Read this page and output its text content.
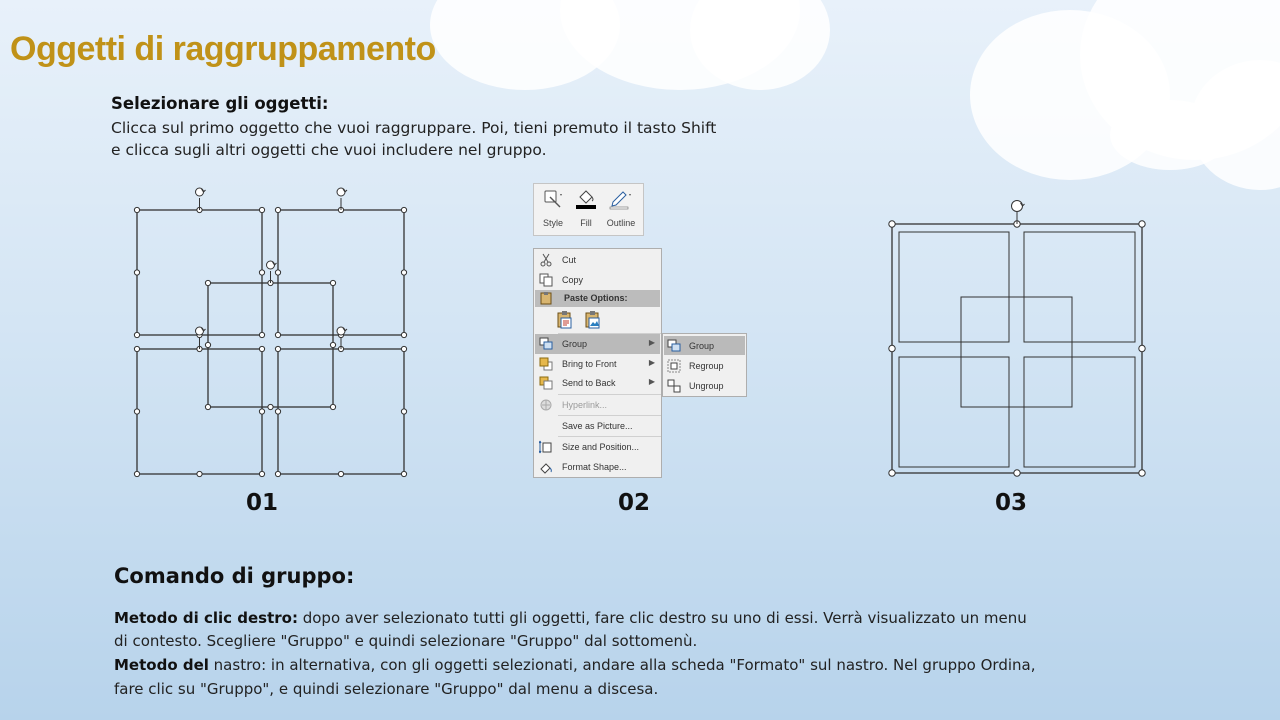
Oggetti di raggruppamento
Selezionare gli oggetti:
Clicca sul primo oggetto che vuoi raggruppare. Poi, tieni premuto il tasto Shift
e clicca sugli altri oggetti che vuoi includere nel gruppo.
Style	Fill	Outline
Cut
Copy
Paste Options:
Group	▶
Bring to Front	▶
Send to Back	▶
Hyperlink...
Save as Picture...
Size and Position...
Format Shape...
Group
Regroup
Ungroup
01	02	03
Comando di gruppo:
Metodo di clic destro: dopo aver selezionato tutti gli oggetti, fare clic destro su uno di essi. Verrà visualizzato un menu
di contesto. Scegliere "Gruppo" e quindi selezionare "Gruppo" dal sottomenù.
Metodo del nastro: in alternativa, con gli oggetti selezionati, andare alla scheda "Formato" sul nastro. Nel gruppo Ordina,
fare clic su "Gruppo", e quindi selezionare "Gruppo" dal menu a discesa.
